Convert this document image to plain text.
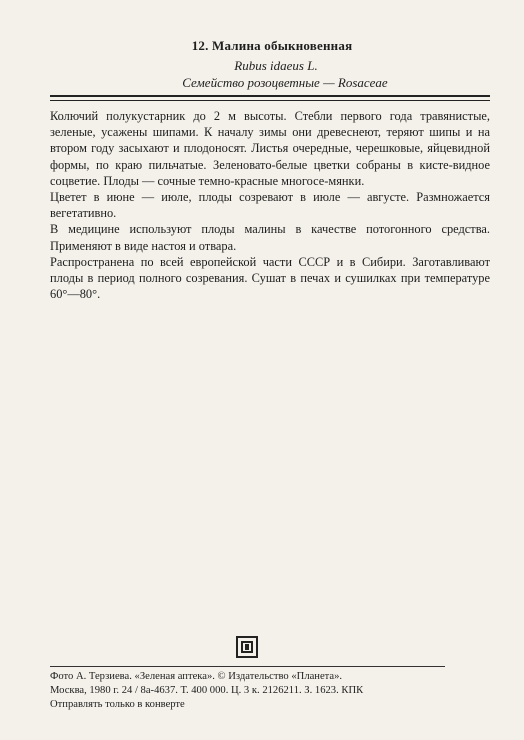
12. Малина обыкновенная
Rubus idaeus L.
Семейство розоцветные — Rosaceae

Колючий полукустарник до 2 м высоты. Стебли первого года травянистые, зеленые, усажены шипами. К началу зимы они древеснеют, теряют шипы и на втором году засыхают и плодоносят. Листья очередные, черешковые, яйцевидной формы, по краю пильчатые. Зеленовато-белые цветки собраны в кисте-видное соцветие. Плоды — сочные темно-красные многосе-мянки.

Цветет в июне — июле, плоды созревают в июле — августе. Размножается вегетативно.

В медицине используют плоды малины в качестве потогонного средства. Применяют в виде настоя и отвара.

Распространена по всей европейской части СССР и в Сибири. Заготавливают плоды в период полного созревания. Сушат в печах и сушилках при температуре 60°—80°.

Фото А. Терзиева. «Зеленая аптека». © Издательство «Планета».
Москва, 1980 г. 24 / 8а-4637. Т. 400 000. Ц. 3 к. 2126211. З. 1623. КПК
Отправлять только в конверте
